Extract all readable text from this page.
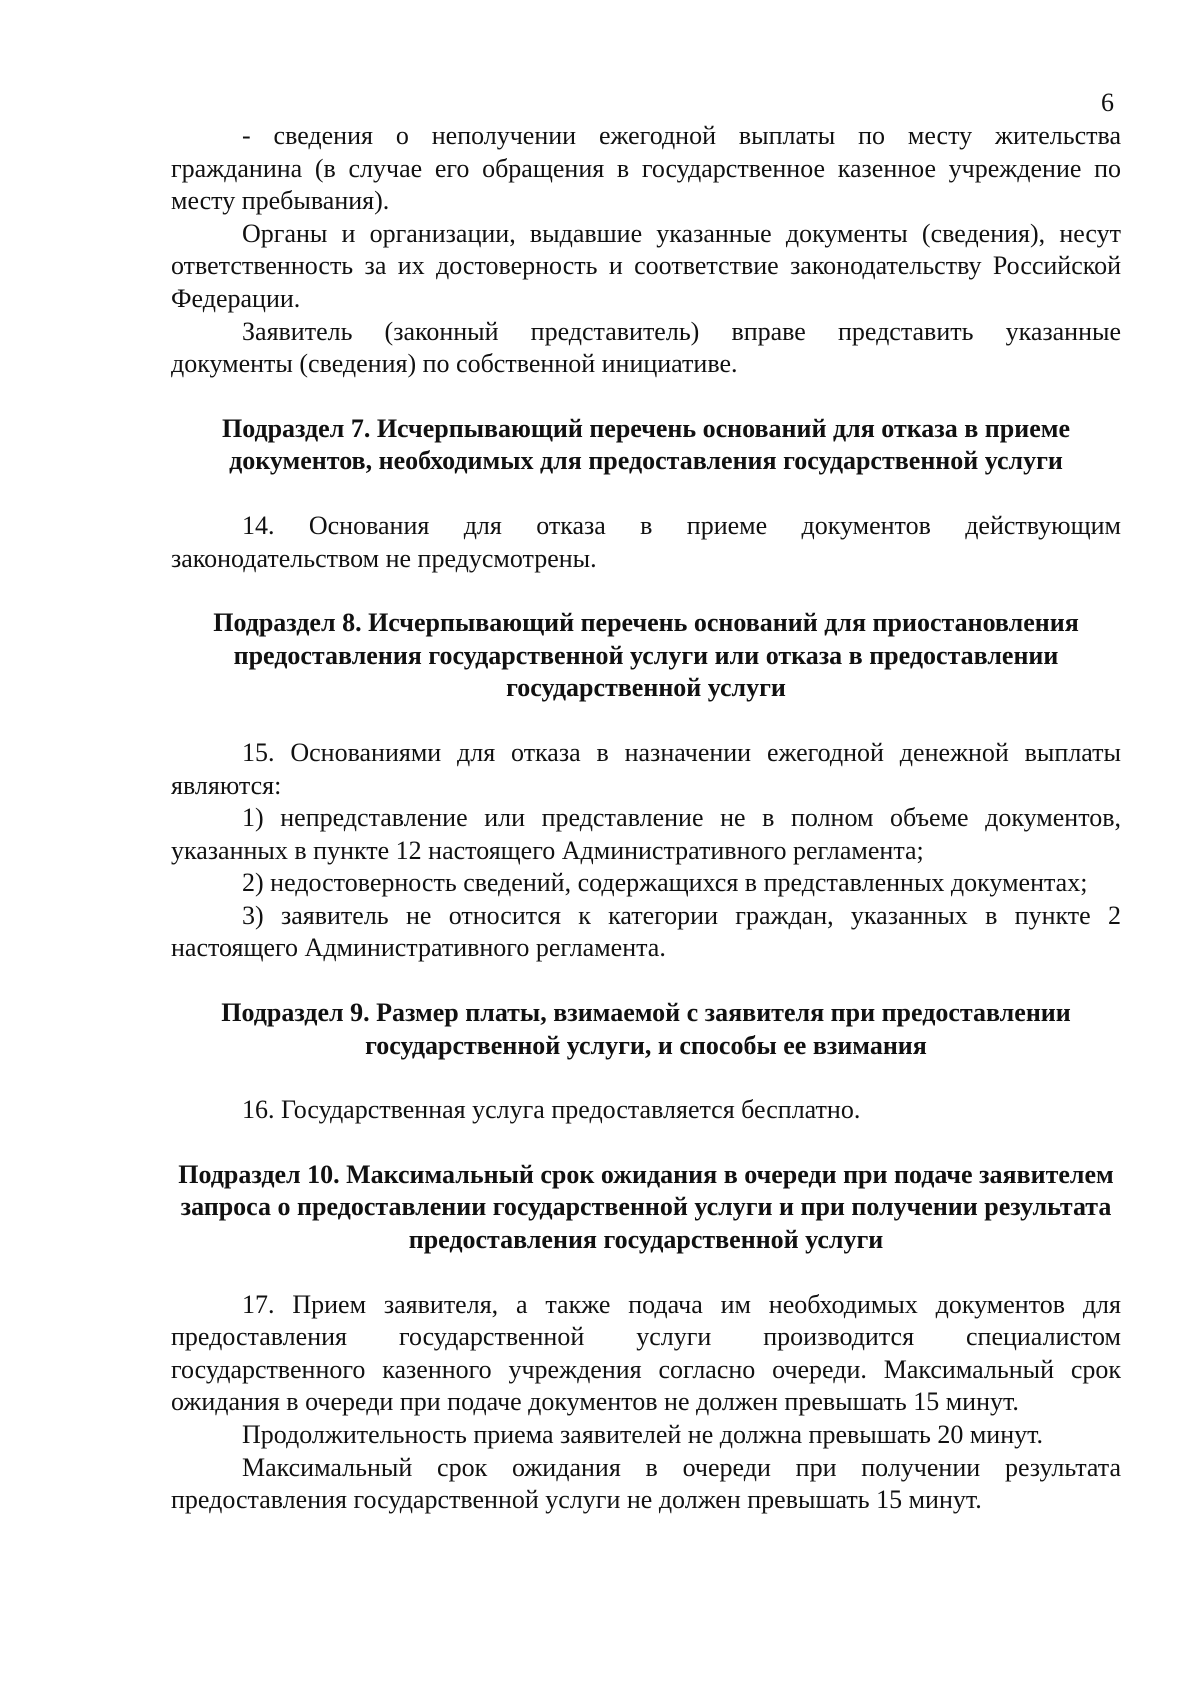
6

- сведения о неполучении ежегодной выплаты по месту жительства гражданина (в случае его обращения в государственное казенное учреждение по месту пребывания).

Органы и организации, выдавшие указанные документы (сведения), несут ответственность за их достоверность и соответствие законодательству Российской Федерации.

Заявитель (законный представитель) вправе представить указанные документы (сведения) по собственной инициативе.

Подраздел 7. Исчерпывающий перечень оснований для отказа в приеме документов, необходимых для предоставления государственной услуги

14. Основания для отказа в приеме документов действующим законодательством не предусмотрены.

Подраздел 8. Исчерпывающий перечень оснований для приостановления предоставления государственной услуги или отказа в предоставлении государственной услуги

15. Основаниями для отказа в назначении ежегодной денежной выплаты являются:

1) непредставление или представление не в полном объеме документов, указанных в пункте 12 настоящего Административного регламента;

2) недостоверность сведений, содержащихся в представленных документах;

3) заявитель не относится к категории граждан, указанных в пункте 2 настоящего Административного регламента.

Подраздел 9. Размер платы, взимаемой с заявителя при предоставлении государственной услуги, и способы ее взимания

16. Государственная услуга предоставляется бесплатно.

Подраздел 10. Максимальный срок ожидания в очереди при подаче заявителем запроса о предоставлении государственной услуги и при получении результата предоставления государственной услуги

17. Прием заявителя, а также подача им необходимых документов для предоставления государственной услуги производится специалистом государственного казенного учреждения согласно очереди. Максимальный срок ожидания в очереди при подаче документов не должен превышать 15 минут.

Продолжительность приема заявителей не должна превышать 20 минут.

Максимальный срок ожидания в очереди при получении результата предоставления государственной услуги не должен превышать 15 минут.
